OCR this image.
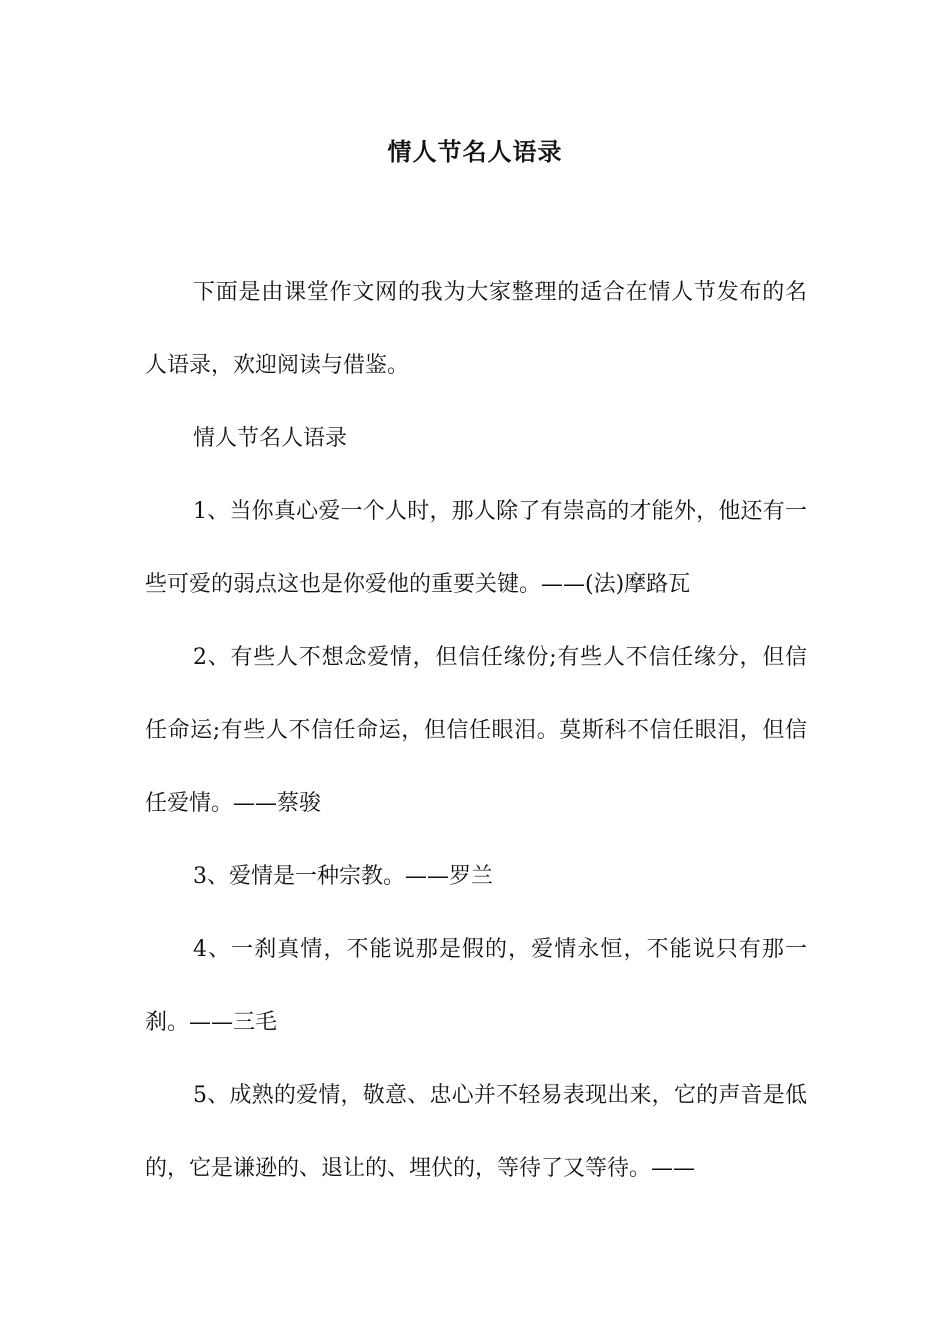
情人节名人语录

下面是由课堂作文网的我为大家整理的适合在情人节发布的名人语录，欢迎阅读与借鉴。

情人节名人语录

1、当你真心爱一个人时，那人除了有崇高的才能外，他还有一些可爱的弱点这也是你爱他的重要关键。——(法)摩路瓦

2、有些人不想念爱情，但信任缘份;有些人不信任缘分，但信任命运;有些人不信任命运，但信任眼泪。莫斯科不信任眼泪，但信任爱情。——蔡骏

3、爱情是一种宗教。——罗兰

4、一刹真情，不能说那是假的，爱情永恒，不能说只有那一刹。——三毛

5、成熟的爱情，敬意、忠心并不轻易表现出来，它的声音是低的，它是谦逊的、退让的、埋伏的，等待了又等待。——
